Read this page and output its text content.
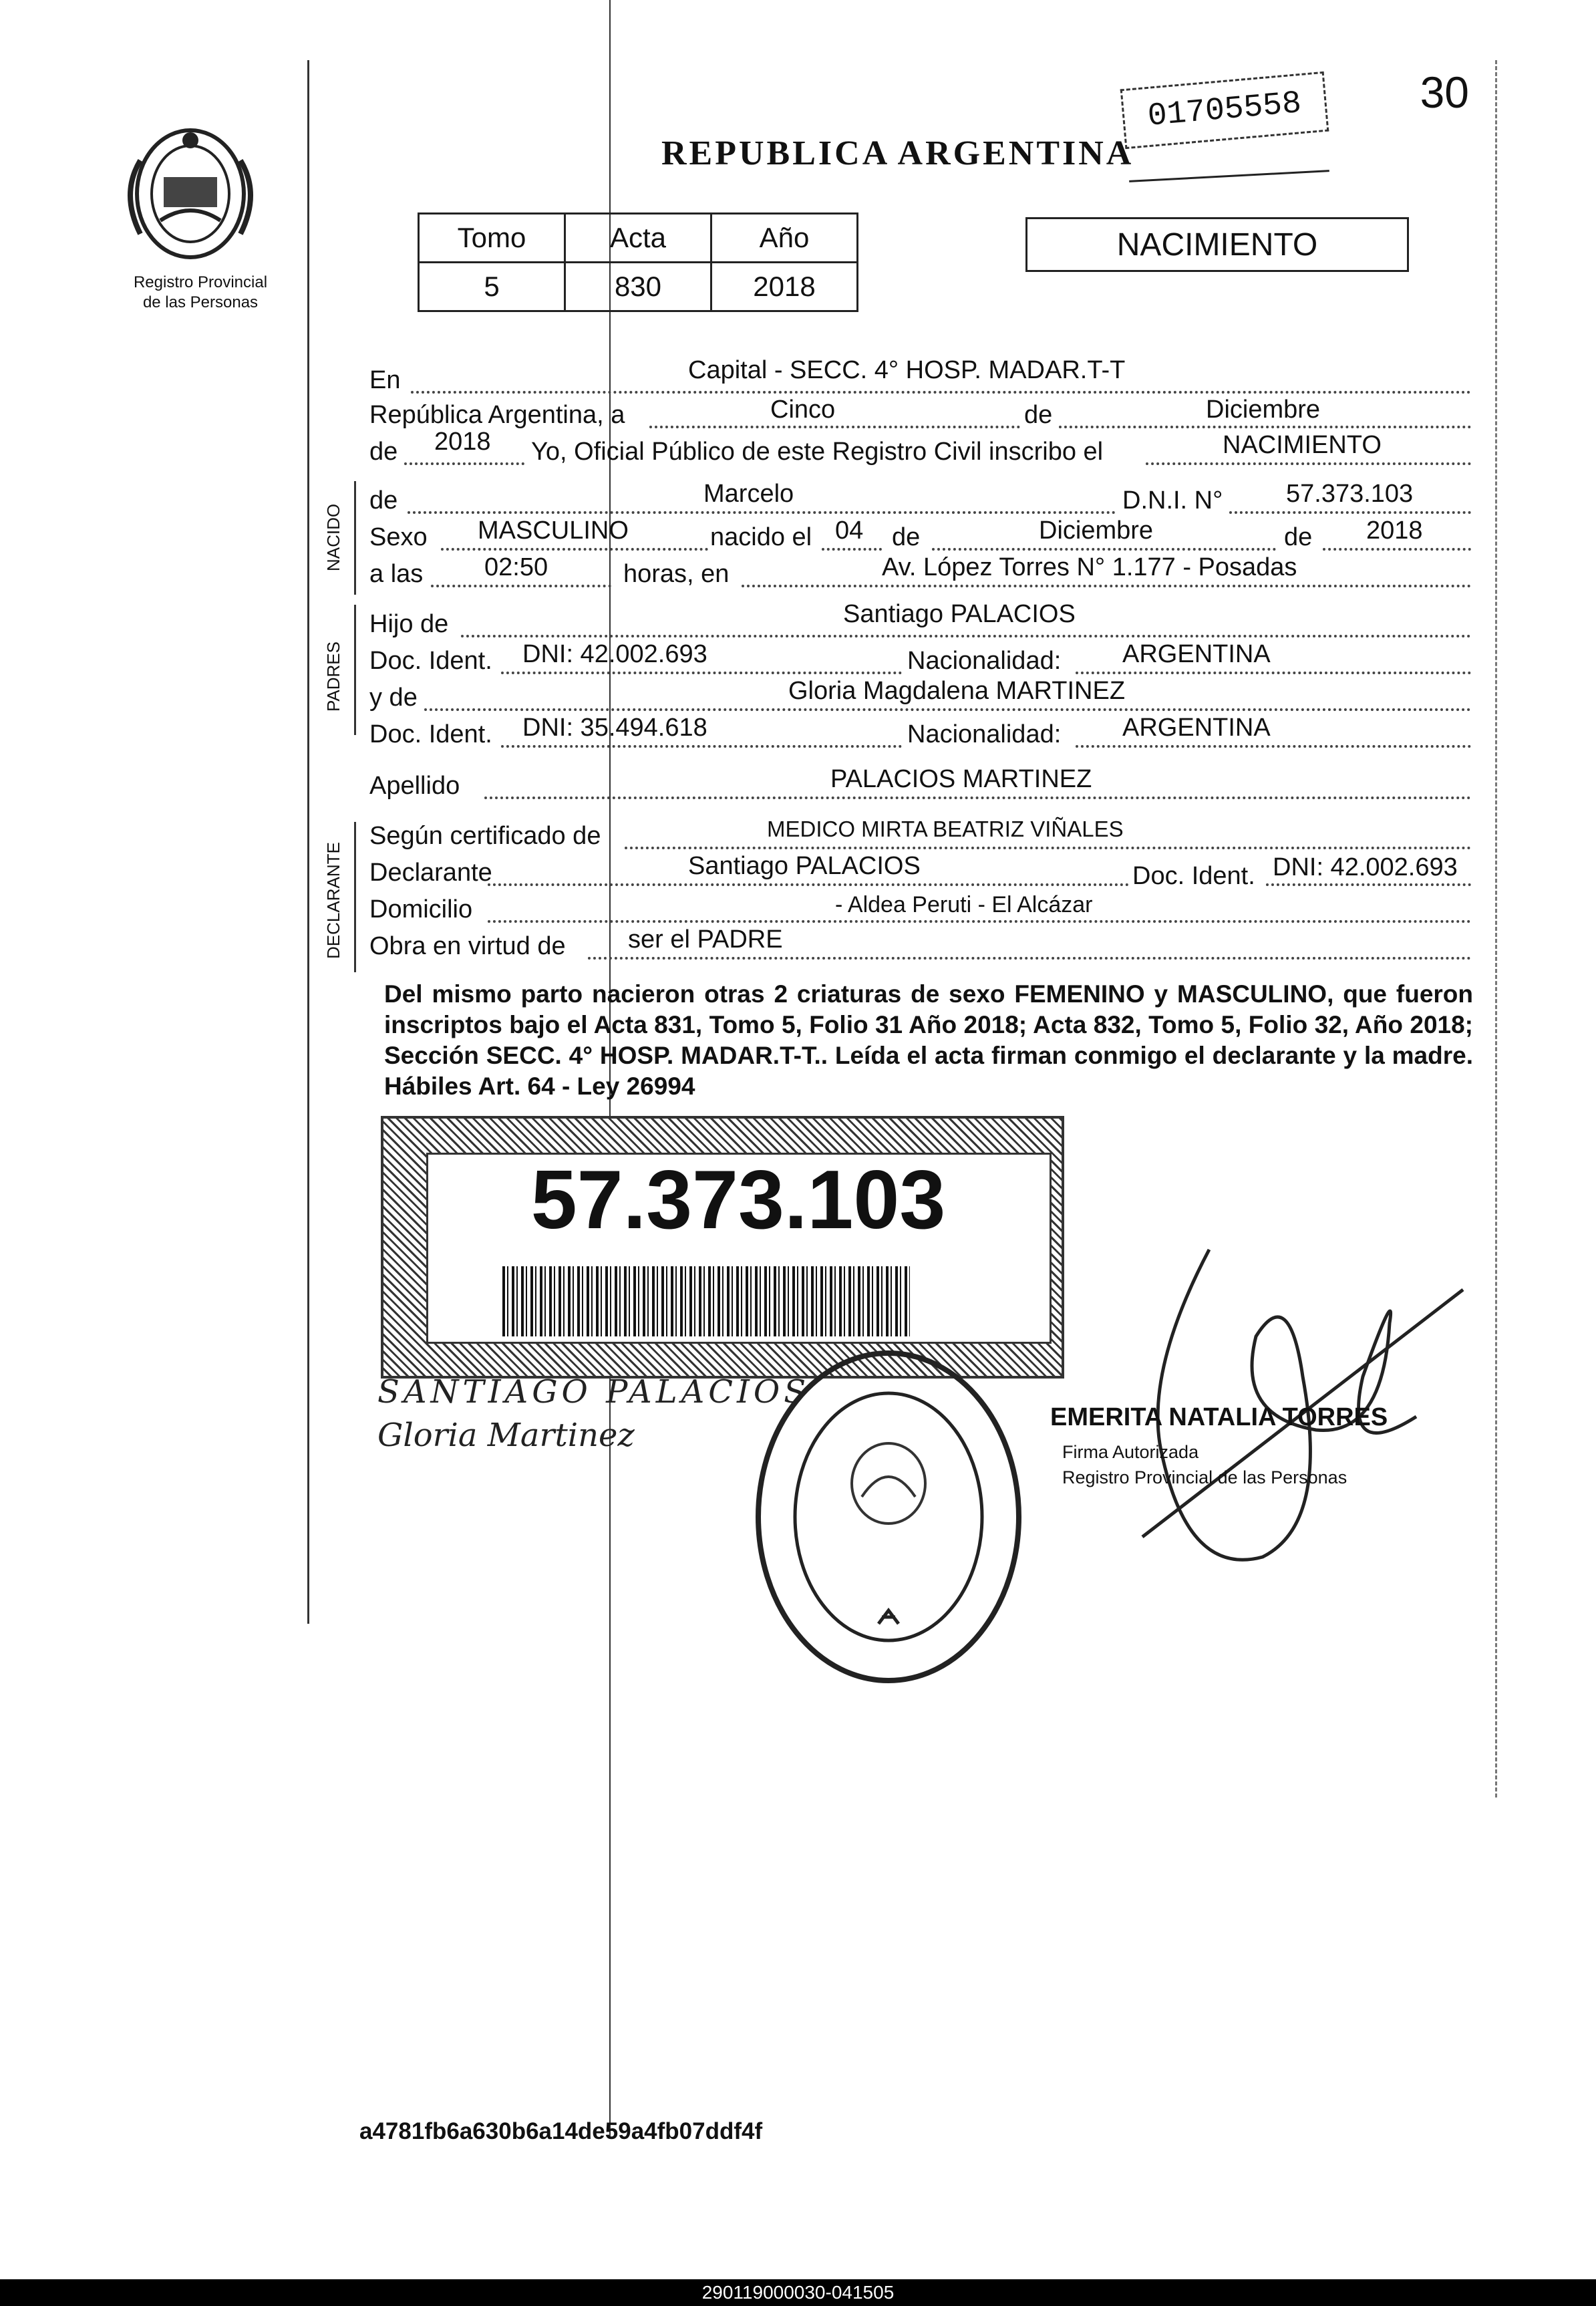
30
01705558
REPUBLICA ARGENTINA
Registro Provincial
de las Personas
Tomo	Acta	Año
5	830	2018
NACIMIENTO
NACIDO
PADRES
DECLARANTE
En	Capital - SECC. 4° HOSP. MADAR.T-T
República Argentina, a	Cinco	de	Diciembre
de 2018 Yo, Oficial Público de este Registro Civil inscribo el	NACIMIENTO
de	Marcelo	D.N.I. N° 57.373.103
Sexo MASCULINO	nacido el 04 de	Diciembre	de 2018
a las 02:50	horas, en	Av. López Torres N° 1.177 - Posadas
Hijo de	Santiago PALACIOS
Doc. Ident. DNI: 42.002.693	Nacionalidad: ARGENTINA
y de	Gloria Magdalena MARTINEZ
Doc. Ident. DNI: 35.494.618	Nacionalidad: ARGENTINA
Apellido	PALACIOS MARTINEZ
Según certificado de	MEDICO MIRTA BEATRIZ VIÑALES
Declarante	Santiago PALACIOS	Doc. Ident. DNI: 42.002.693
Domicilio	- Aldea Peruti - El Alcázar
Obra en virtud de ser el PADRE
Del mismo parto nacieron otras 2 criaturas de sexo FEMENINO y MASCULINO, que fueron inscriptos bajo el Acta 831, Tomo 5, Folio 31 Año 2018; Acta 832, Tomo 5, Folio 32, Año 2018; Sección SECC. 4° HOSP. MADAR.T-T.. Leída el acta firman conmigo el declarante y la madre. Hábiles Art. 64 - Ley 26994
57.373.103
SANTIAGO PALACIOS
Gloria Martinez	EMERITA NATALIA TORRES
Firma Autorizada
Registro Provincial de las Personas
a4781fb6a630b6a14de59a4fb07ddf4f
290119000030-041505
